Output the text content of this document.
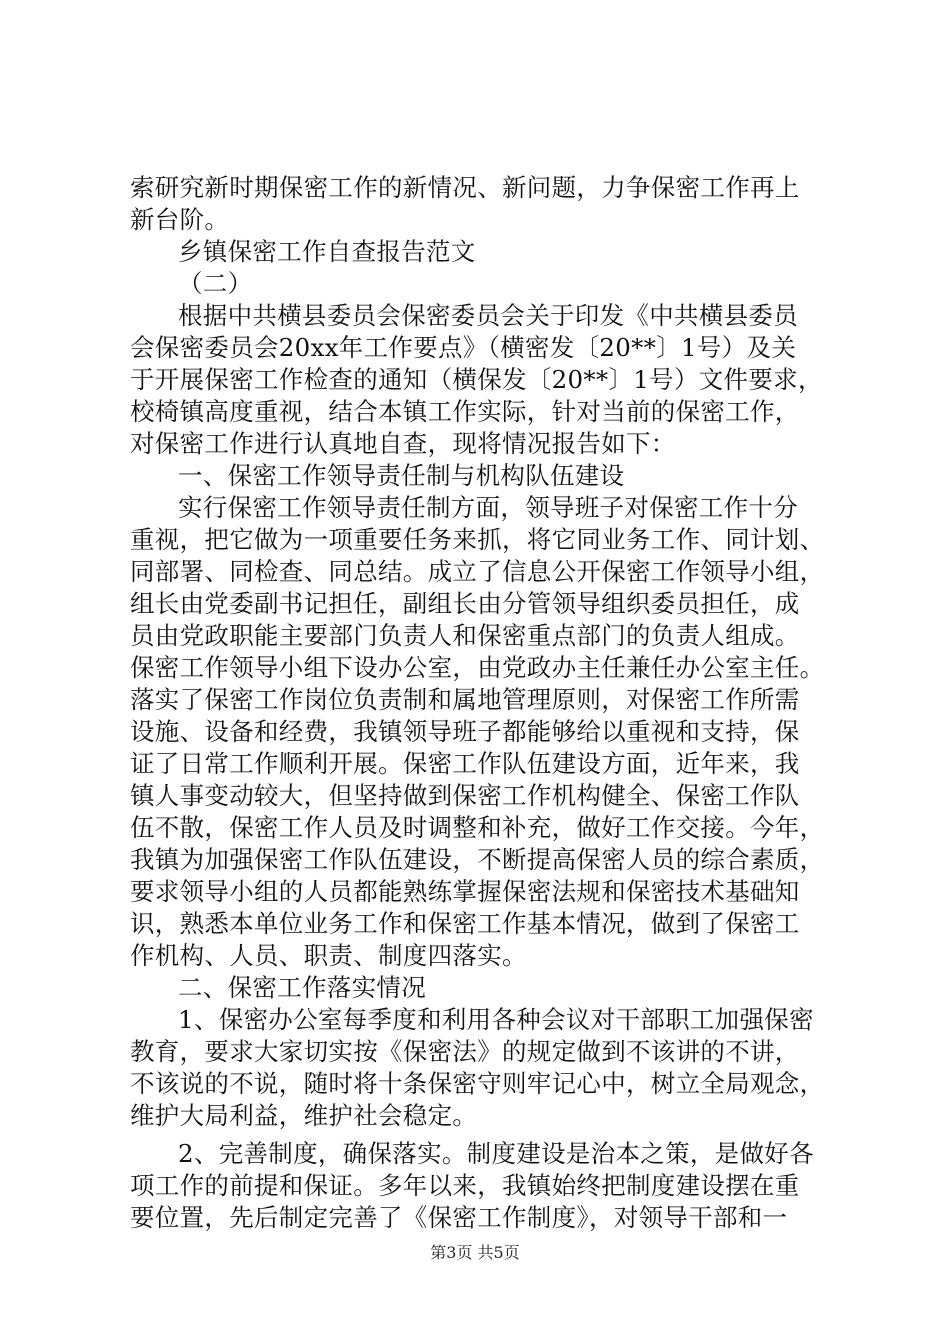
索研究新时期保密工作的新情况、新问题，力争保密工作再上
新台阶。
乡镇保密工作自查报告范文
（二）
根据中共横县委员会保密委员会关于印发《中共横县委员
会保密委员会20xx年工作要点》（横密发〔20**〕1号）及关
于开展保密工作检查的通知（横保发〔20**〕1号）文件要求，
校椅镇高度重视，结合本镇工作实际，针对当前的保密工作，
对保密工作进行认真地自查，现将情况报告如下：
一、保密工作领导责任制与机构队伍建设
实行保密工作领导责任制方面，领导班子对保密工作十分
重视，把它做为一项重要任务来抓，将它同业务工作、同计划、
同部署、同检查、同总结。成立了信息公开保密工作领导小组，
组长由党委副书记担任，副组长由分管领导组织委员担任，成
员由党政职能主要部门负责人和保密重点部门的负责人组成。
保密工作领导小组下设办公室，由党政办主任兼任办公室主任。
落实了保密工作岗位负责制和属地管理原则，对保密工作所需
设施、设备和经费，我镇领导班子都能够给以重视和支持，保
证了日常工作顺利开展。保密工作队伍建设方面，近年来，我
镇人事变动较大，但坚持做到保密工作机构健全、保密工作队
伍不散，保密工作人员及时调整和补充，做好工作交接。今年，
我镇为加强保密工作队伍建设，不断提高保密人员的综合素质，
要求领导小组的人员都能熟练掌握保密法规和保密技术基础知
识，熟悉本单位业务工作和保密工作基本情况，做到了保密工
作机构、人员、职责、制度四落实。
二、保密工作落实情况
1、保密办公室每季度和利用各种会议对干部职工加强保密
教育，要求大家切实按《保密法》的规定做到不该讲的不讲，
不该说的不说，随时将十条保密守则牢记心中，树立全局观念，
维护大局利益，维护社会稳定。
2、完善制度，确保落实。制度建设是治本之策，是做好各
项工作的前提和保证。多年以来，我镇始终把制度建设摆在重
要位置，先后制定完善了《保密工作制度》，对领导干部和一
第3页 共5页
